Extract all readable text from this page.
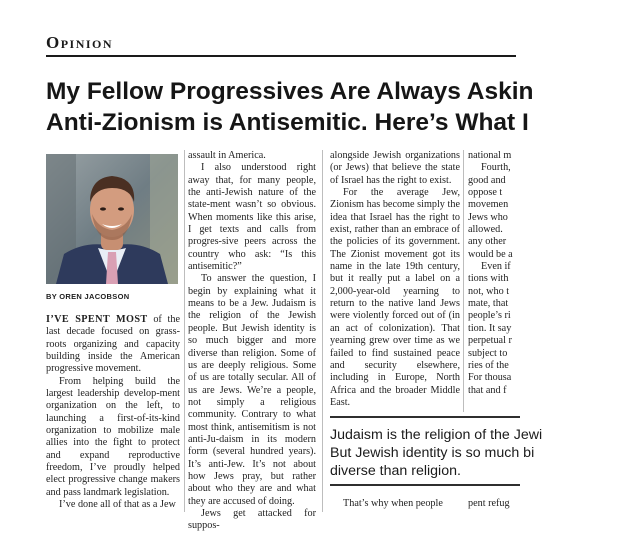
Opinion
My Fellow Progressives Are Always Askin
Anti-Zionism is Antisemitic. Here’s What I
BY OREN JACOBSON

I’VE SPENT MOST of the last decade focused on grass-roots organizing and capacity building inside the American progressive movement.

From helping build the largest leadership develop-ment organization on the left, to launching a first-of-its-kind organization to mobilize male allies into the fight to protect and expand reproductive freedom, I’ve proudly helped elect progressive change makers and pass landmark legislation.

I’ve done all of that as a Jew

assault in America.

I also understood right away that, for many people, the anti-Jewish nature of the state-ment wasn’t so obvious. When moments like this arise, I get texts and calls from progres-sive peers across the country who ask: “Is this antisemitic?”

To answer the question, I begin by explaining what it means to be a Jew. Judaism is the religion of the Jewish people. But Jewish identity is so much bigger and more diverse than religion. Some of us are deeply religious. Some of us are totally secular. All of us are Jews. We’re a people, not simply a religious community. Contrary to what most think, antisemitism is not anti-Ju-daism in its modern form (several hundred years). It’s anti-Jew. It’s not about how Jews pray, but rather about who they are and what they are accused of doing.

Jews get attacked for suppos-

alongside Jewish organizations (or Jews) that believe the state of Israel has the right to exist.

For the average Jew, Zionism has become simply the idea that Israel has the right to exist, rather than an embrace of the policies of its government. The Zionist movement got its name in the late 19th century, but it really put a label on a 2,000-year-old yearning to return to the native land Jews were violently forced out of (in an act of colonization). That yearning grew over time as we failed to find sustained peace and security elsewhere, including in Europe, North Africa and the broader Middle East.

That’s why when people

national m
Fourth,
good and
oppose t
movemen
Jews who
allowed.
any other
would be a
Even if
tions with
not, who t
mate, that
people’s ri
tion. It say
perpetual r
subject to
ries of the
For thousa
that and f
pent refug
Judaism is the religion of the Jewi
But Jewish identity is so much bi
diverse than religion.
